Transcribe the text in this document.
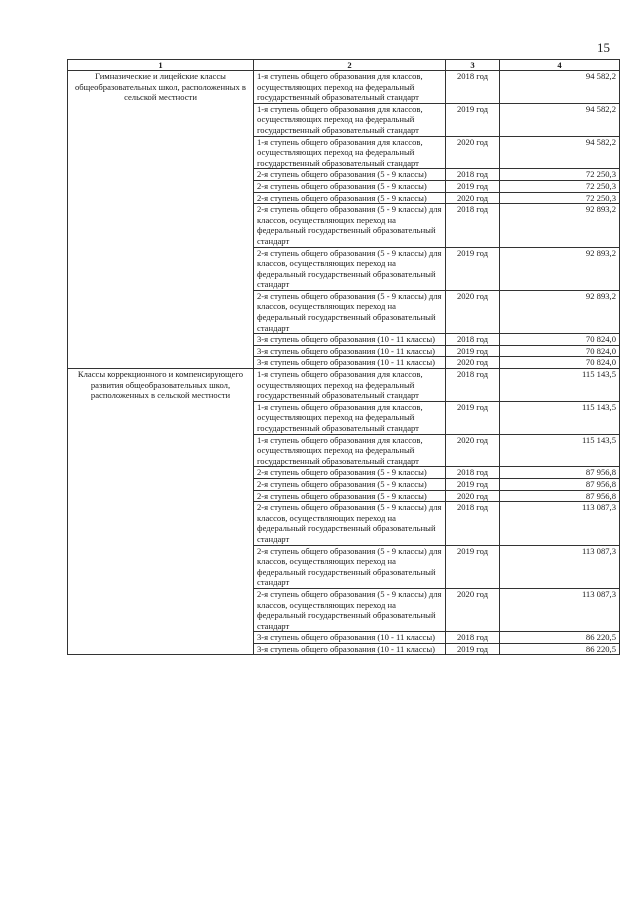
15
1	2	3	4
Гимназические и лицейские классы общеобразовательных школ, расположенных в сельской местности	1-я ступень общего образования для классов, осуществляющих переход на федеральный государственный образовательный стандарт	2018 год	94 582,2
	1-я ступень общего образования для классов, осуществляющих переход на федеральный государственный образовательный стандарт	2019 год	94 582,2
	1-я ступень общего образования для классов, осуществляющих переход на федеральный государственный образовательный стандарт	2020 год	94 582,2
	2-я ступень общего образования (5 - 9 классы)	2018 год	72 250,3
	2-я ступень общего образования (5 - 9 классы)	2019 год	72 250,3
	2-я ступень общего образования (5 - 9 классы)	2020 год	72 250,3
	2-я ступень общего образования (5 - 9 классы) для классов, осуществляющих переход на федеральный государственный образовательный стандарт	2018 год	92 893,2
	2-я ступень общего образования (5 - 9 классы) для классов, осуществляющих переход на федеральный государственный образовательный стандарт	2019 год	92 893,2
	2-я ступень общего образования (5 - 9 классы) для классов, осуществляющих переход на федеральный государственный образовательный стандарт	2020 год	92 893,2
	3-я ступень общего образования (10 - 11 классы)	2018 год	70 824,0
	3-я ступень общего образования (10 - 11 классы)	2019 год	70 824,0
	3-я ступень общего образования (10 - 11 классы)	2020 год	70 824,0
Классы коррекционного и компенсирующего развития общеобразовательных школ, расположенных в сельской местности	1-я ступень общего образования для классов, осуществляющих переход на федеральный государственный образовательный стандарт	2018 год	115 143,5
	1-я ступень общего образования для классов, осуществляющих переход на федеральный государственный образовательный стандарт	2019 год	115 143,5
	1-я ступень общего образования для классов, осуществляющих переход на федеральный государственный образовательный стандарт	2020 год	115 143,5
	2-я ступень общего образования (5 - 9 классы)	2018 год	87 956,8
	2-я ступень общего образования (5 - 9 классы)	2019 год	87 956,8
	2-я ступень общего образования (5 - 9 классы)	2020 год	87 956,8
	2-я ступень общего образования (5 - 9 классы) для классов, осуществляющих переход на федеральный государственный образовательный стандарт	2018 год	113 087,3
	2-я ступень общего образования (5 - 9 классы) для классов, осуществляющих переход на федеральный государственный образовательный стандарт	2019 год	113 087,3
	2-я ступень общего образования (5 - 9 классы) для классов, осуществляющих переход на федеральный государственный образовательный стандарт	2020 год	113 087,3
	3-я ступень общего образования (10 - 11 классы)	2018 год	86 220,5
	3-я ступень общего образования (10 - 11 классы)	2019 год	86 220,5
